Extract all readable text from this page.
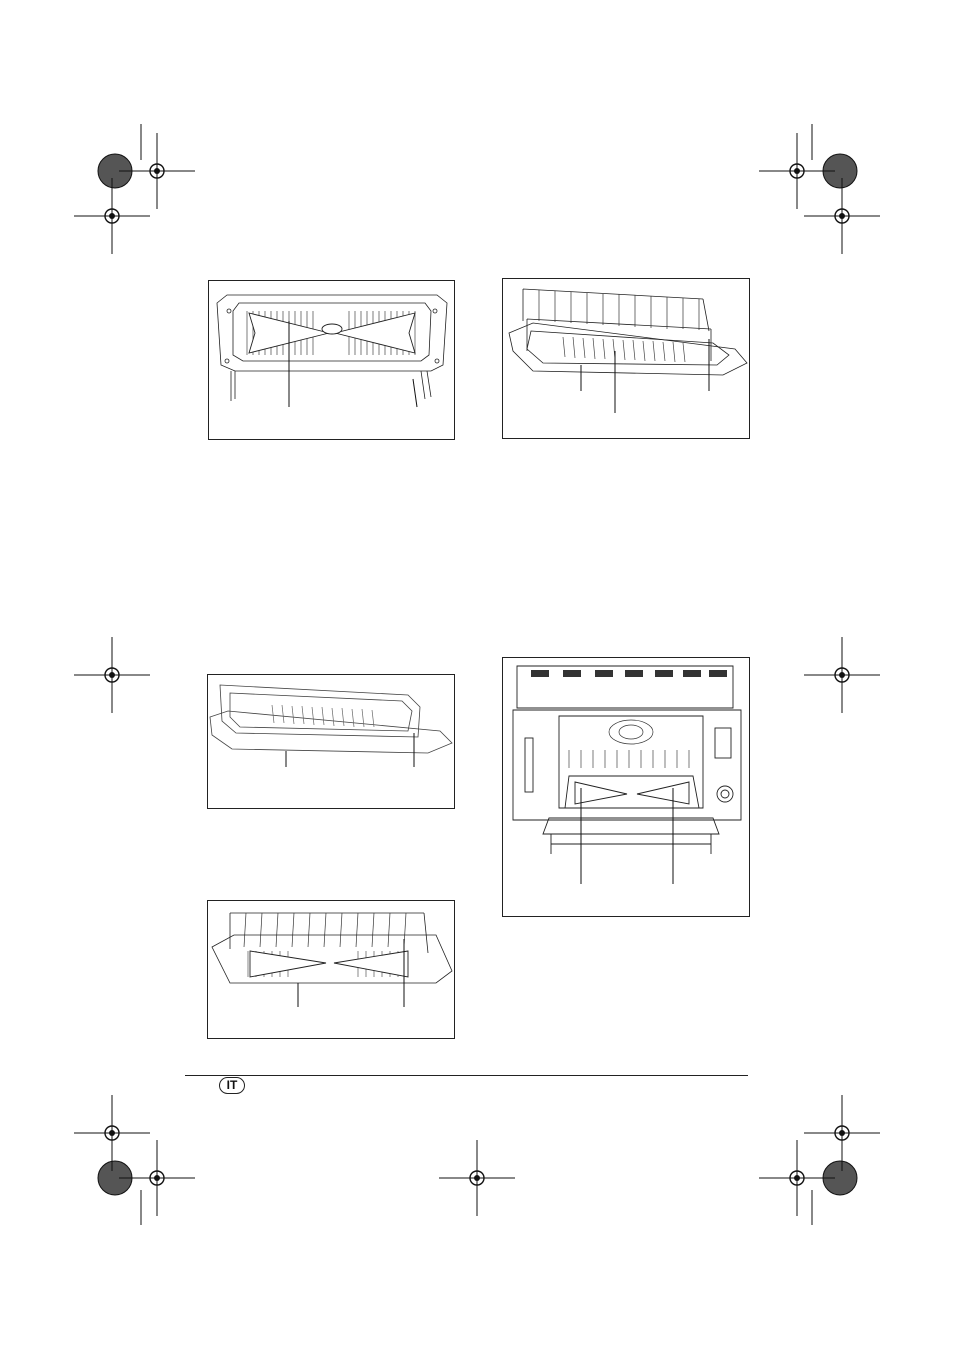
IT
